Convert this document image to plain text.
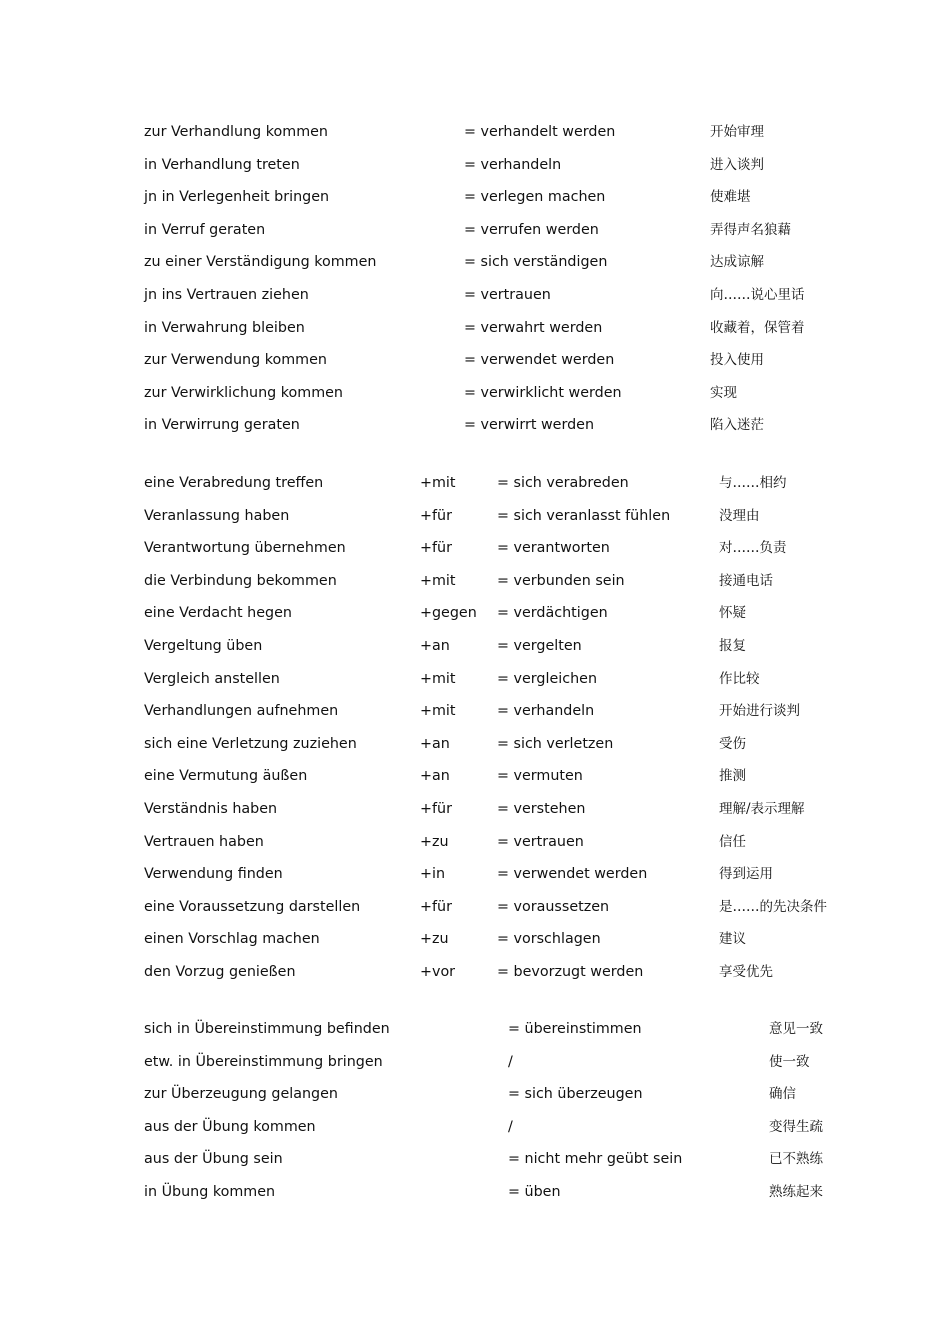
zur Verhandlung kommen	= verhandelt werden	开始审理
in Verhandlung treten	= verhandeln	进入谈判
jn in Verlegenheit bringen	= verlegen machen	使难堪
in Verruf geraten	= verrufen werden	弄得声名狼藉
zu einer Verständigung kommen	= sich verständigen	达成谅解
jn ins Vertrauen ziehen	= vertrauen	向……说心里话
in Verwahrung bleiben	= verwahrt werden	收藏着，保管着
zur Verwendung kommen	= verwendet werden	投入使用
zur Verwirklichung kommen	= verwirklicht werden	实现
in Verwirrung geraten	= verwirrt werden	陷入迷茫
eine Verabredung treffen	+mit	= sich verabreden	与……相约
Veranlassung haben	+für	= sich veranlasst fühlen	没理由
Verantwortung übernehmen	+für	= verantworten	对……负责
die Verbindung bekommen	+mit	= verbunden sein	接通电话
eine Verdacht hegen	+gegen = verdächtigen	怀疑
Vergeltung üben	+an	= vergelten	报复
Vergleich anstellen	+mit	= vergleichen	作比较
Verhandlungen aufnehmen	+mit	= verhandeln	开始进行谈判
sich eine Verletzung zuziehen	+an	= sich verletzen	受伤
eine Vermutung äußen	+an	= vermuten	推测
Verständnis haben	+für	= verstehen	理解/表示理解
Vertrauen haben	+zu	= vertrauen	信任
Verwendung finden	+in	= verwendet werden	得到运用
eine Voraussetzung darstellen	+für	= voraussetzen	是……的先决条件
einen Vorschlag machen	+zu	= vorschlagen	建议
den Vorzug genießen	+vor	= bevorzugt werden	享受优先
sich in Übereinstimmung befinden	= übereinstimmen	意见一致
etw. in Übereinstimmung bringen	/	使一致
zur Überzeugung gelangen	= sich überzeugen	确信
aus der Übung kommen	/	变得生疏
aus der Übung sein	= nicht mehr geübt sein	已不熟练
in Übung kommen	= üben	熟练起来
